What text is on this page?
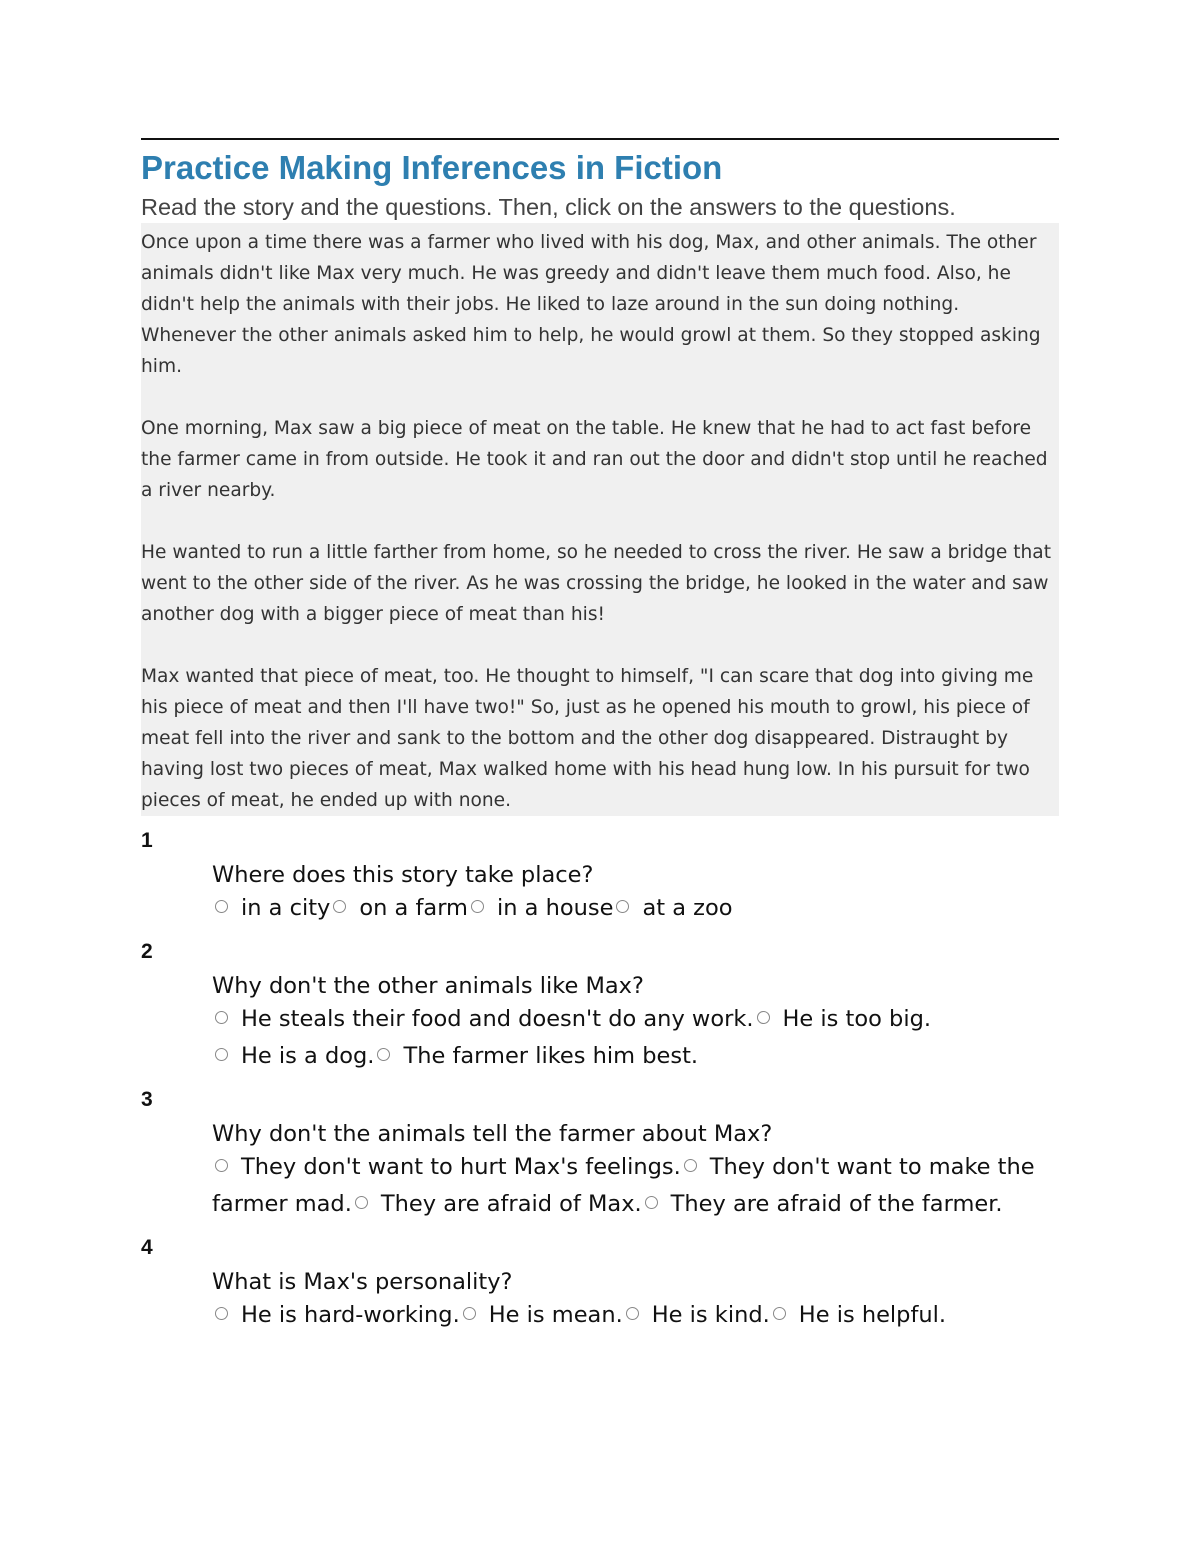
Practice Making Inferences in Fiction
Read the story and the questions. Then, click on the answers to the questions.

Once upon a time there was a farmer who lived with his dog, Max, and other animals. The other animals didn't like Max very much. He was greedy and didn't leave them much food. Also, he didn't help the animals with their jobs. He liked to laze around in the sun doing nothing. Whenever the other animals asked him to help, he would growl at them. So they stopped asking him.

One morning, Max saw a big piece of meat on the table. He knew that he had to act fast before the farmer came in from outside. He took it and ran out the door and didn't stop until he reached a river nearby.

He wanted to run a little farther from home, so he needed to cross the river. He saw a bridge that went to the other side of the river. As he was crossing the bridge, he looked in the water and saw another dog with a bigger piece of meat than his!

Max wanted that piece of meat, too. He thought to himself, "I can scare that dog into giving me his piece of meat and then I'll have two!" So, just as he opened his mouth to growl, his piece of meat fell into the river and sank to the bottom and the other dog disappeared. Distraught by having lost two pieces of meat, Max walked home with his head hung low. In his pursuit for two pieces of meat, he ended up with none.

1
Where does this story take place?
in a city on a farm in a house at a zoo
2
Why don't the other animals like Max?
He steals their food and doesn't do any work. He is too big.
He is a dog. The farmer likes him best.
3
Why don't the animals tell the farmer about Max?
They don't want to hurt Max's feelings. They don't want to make the farmer mad. They are afraid of Max. They are afraid of the farmer.
4
What is Max's personality?
He is hard-working. He is mean. He is kind. He is helpful.
